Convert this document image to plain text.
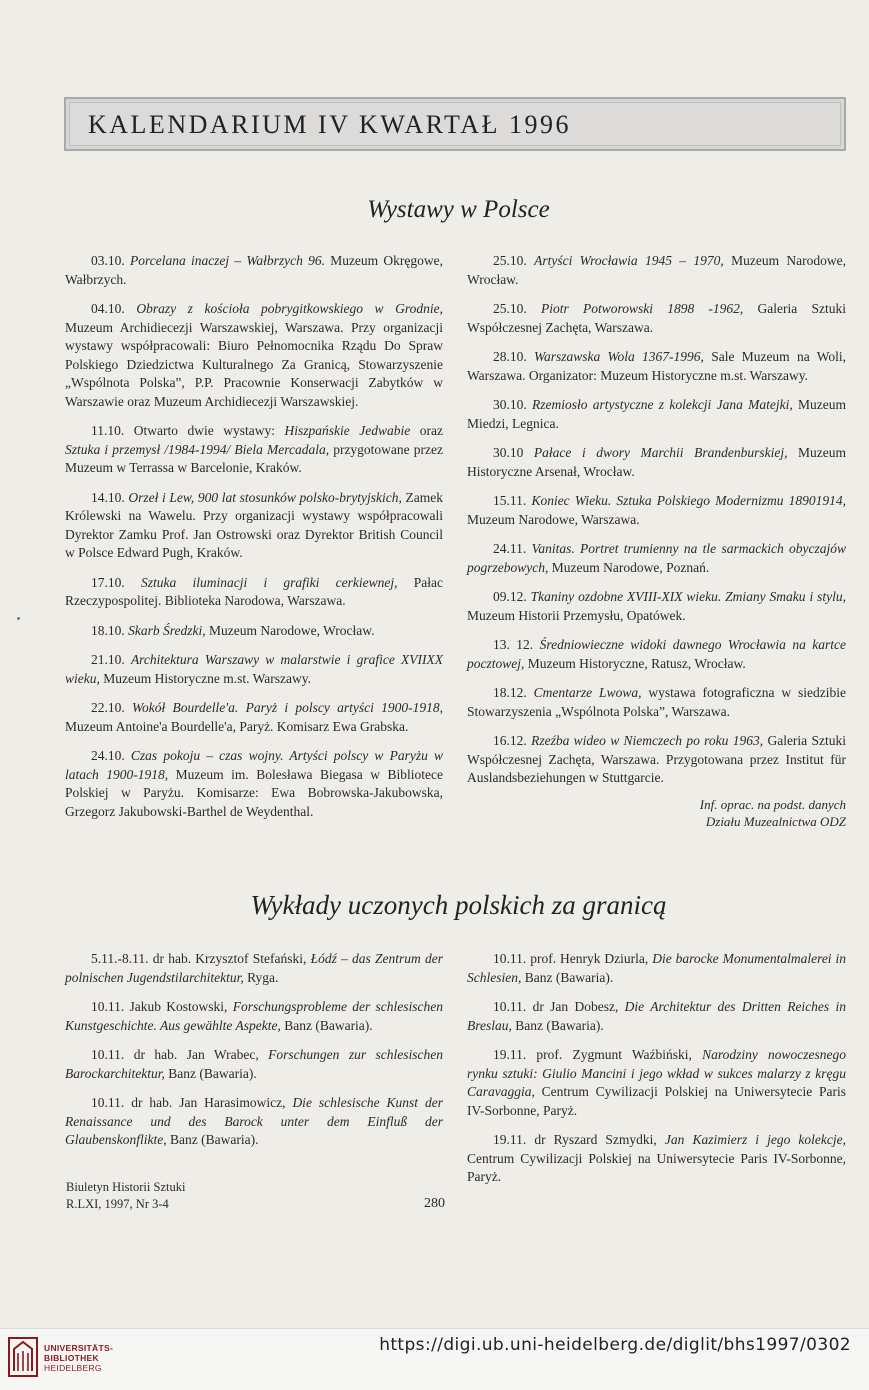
KALENDARIUM IV KWARTAŁ 1996
Wystawy w Polsce

03.10. Porcelana inaczej – Wałbrzych 96. Muzeum Okręgowe, Wałbrzych.

04.10. Obrazy z kościoła pobrygitkowskiego w Grodnie, Muzeum Archidiecezji Warszawskiej, Warszawa. Przy organizacji wystawy współpracowali: Biuro Pełnomocnika Rządu Do Spraw Polskiego Dziedzictwa Kulturalnego Za Granicą, Stowarzyszenie „Wspólnota Polska”, P.P. Pracownie Konserwacji Zabytków w Warszawie oraz Muzeum Archidiecezji Warszawskiej.

11.10. Otwarto dwie wystawy: Hiszpańskie Jedwabie oraz Sztuka i przemysł /1984-1994/ Biela Mercadala, przygotowane przez Muzeum w Terrassa w Barcelonie, Kraków.

14.10. Orzeł i Lew, 900 lat stosunków polsko-brytyjskich, Zamek Królewski na Wawelu. Przy organizacji wystawy współpracowali Dyrektor Zamku Prof. Jan Ostrowski oraz Dyrektor British Council w Polsce Edward Pugh, Kraków.

17.10. Sztuka iluminacji i grafiki cerkiewnej, Pałac Rzeczypospolitej. Biblioteka Narodowa, Warszawa.

18.10. Skarb Średzki, Muzeum Narodowe, Wrocław.

21.10. Architektura Warszawy w malarstwie i grafice XVIIXX wieku, Muzeum Historyczne m.st. Warszawy.

22.10. Wokół Bourdelle'a. Paryż i polscy artyści 1900-1918, Muzeum Antoine'a Bourdelle'a, Paryż. Komisarz Ewa Grabska.

24.10. Czas pokoju – czas wojny. Artyści polscy w Paryżu w latach 1900-1918, Muzeum im. Bolesława Biegasa w Bibliotece Polskiej w Paryżu. Komisarze: Ewa Bobrowska-Jakubowska, Grzegorz Jakubowski-Barthel de Weydenthal.

25.10. Artyści Wrocławia 1945 – 1970, Muzeum Narodowe, Wrocław.

25.10. Piotr Potworowski 1898 -1962, Galeria Sztuki Współczesnej Zachęta, Warszawa.

28.10. Warszawska Wola 1367-1996, Sale Muzeum na Woli, Warszawa. Organizator: Muzeum Historyczne m.st. Warszawy.

30.10. Rzemiosło artystyczne z kolekcji Jana Matejki, Muzeum Miedzi, Legnica.

30.10 Pałace i dwory Marchii Brandenburskiej, Muzeum Historyczne Arsenał, Wrocław.

15.11. Koniec Wieku. Sztuka Polskiego Modernizmu 18901914, Muzeum Narodowe, Warszawa.

24.11. Vanitas. Portret trumienny na tle sarmackich obyczajów pogrzebowych, Muzeum Narodowe, Poznań.

09.12. Tkaniny ozdobne XVIII-XIX wieku. Zmiany Smaku i stylu, Muzeum Historii Przemysłu, Opatówek.

13. 12. Średniowieczne widoki dawnego Wrocławia na kartce pocztowej, Muzeum Historyczne, Ratusz, Wrocław.

18.12. Cmentarze Lwowa, wystawa fotograficzna w siedzibie Stowarzyszenia „Wspólnota Polska”, Warszawa.

16.12. Rzeźba wideo w Niemczech po roku 1963, Galeria Sztuki Współczesnej Zachęta, Warszawa. Przygotowana przez Institut für Auslandsbeziehungen w Stuttgarcie.

Inf. oprac. na podst. danych
Działu Muzealnictwa ODZ
Wykłady uczonych polskich za granicą

5.11.-8.11. dr hab. Krzysztof Stefański, Łódź – das Zentrum der polnischen Jugendstilarchitektur, Ryga.

10.11. Jakub Kostowski, Forschungsprobleme der schlesischen Kunstgeschichte. Aus gewählte Aspekte, Banz (Bawaria).

10.11. dr hab. Jan Wrabec, Forschungen zur schlesischen Barockarchitektur, Banz (Bawaria).

10.11. dr hab. Jan Harasimowicz, Die schlesische Kunst der Renaissance und des Barock unter dem Einfluß der Glaubenskonflikte, Banz (Bawaria).

10.11. prof. Henryk Dziurla, Die barocke Monumentalmalerei in Schlesien, Banz (Bawaria).

10.11. dr Jan Dobesz, Die Architektur des Dritten Reiches in Breslau, Banz (Bawaria).

19.11. prof. Zygmunt Waźbiński, Narodziny nowoczesnego rynku sztuki: Giulio Mancini i jego wkład w sukces malarzy z kręgu Caravaggia, Centrum Cywilizacji Polskiej na Uniwersytecie Paris IV-Sorbonne, Paryż.

19.11. dr Ryszard Szmydki, Jan Kazimierz i jego kolekcje, Centrum Cywilizacji Polskiej na Uniwersytecie Paris IV-Sorbonne, Paryż.

Biuletyn Historii Sztuki
R.LXI, 1997, Nr 3-4	280
UNIVERSITÄTS-
BIBLIOTHEK
HEIDELBERG
https://digi.ub.uni-heidelberg.de/diglit/bhs1997/0302
